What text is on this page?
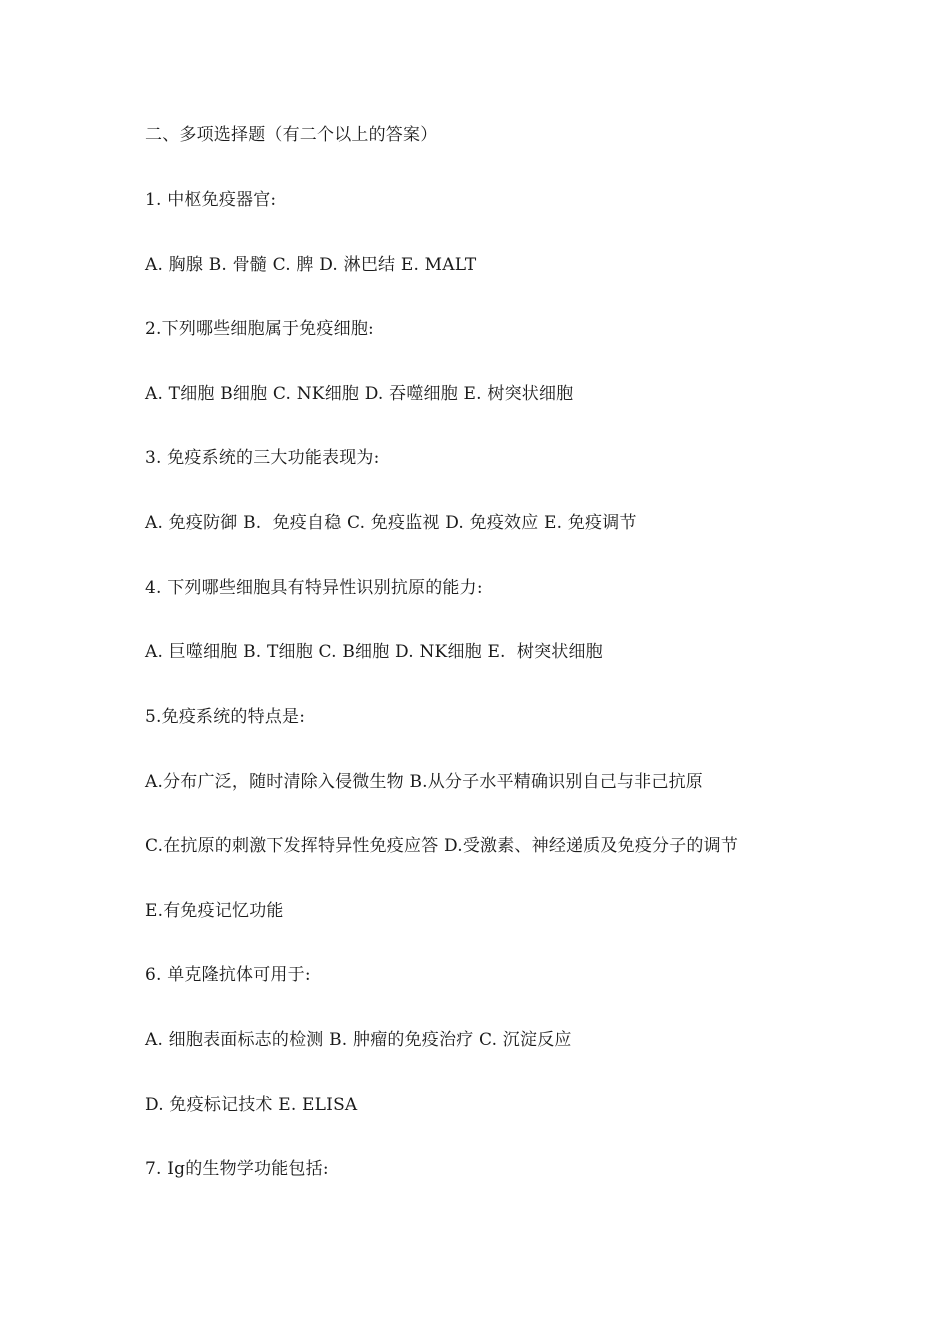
二、多项选择题（有二个以上的答案）
1. 中枢免疫器官:
A. 胸腺 B. 骨髓 C. 脾 D. 淋巴结 E. MALT
2.下列哪些细胞属于免疫细胞:
A. T细胞 B细胞 C. NK细胞 D. 吞噬细胞 E. 树突状细胞
3. 免疫系统的三大功能表现为:
A. 免疫防御 B.  免疫自稳 C. 免疫监视 D. 免疫效应 E. 免疫调节
4. 下列哪些细胞具有特异性识别抗原的能力:
A. 巨噬细胞 B. T细胞 C. B细胞 D. NK细胞 E.  树突状细胞
5.免疫系统的特点是:
A.分布广泛，随时清除入侵微生物 B.从分子水平精确识别自己与非己抗原
C.在抗原的刺激下发挥特异性免疫应答 D.受激素、神经递质及免疫分子的调节
E.有免疫记忆功能
6. 单克隆抗体可用于:
A. 细胞表面标志的检测 B. 肿瘤的免疫治疗 C. 沉淀反应
D. 免疫标记技术 E. ELISA
7. Ig的生物学功能包括:
